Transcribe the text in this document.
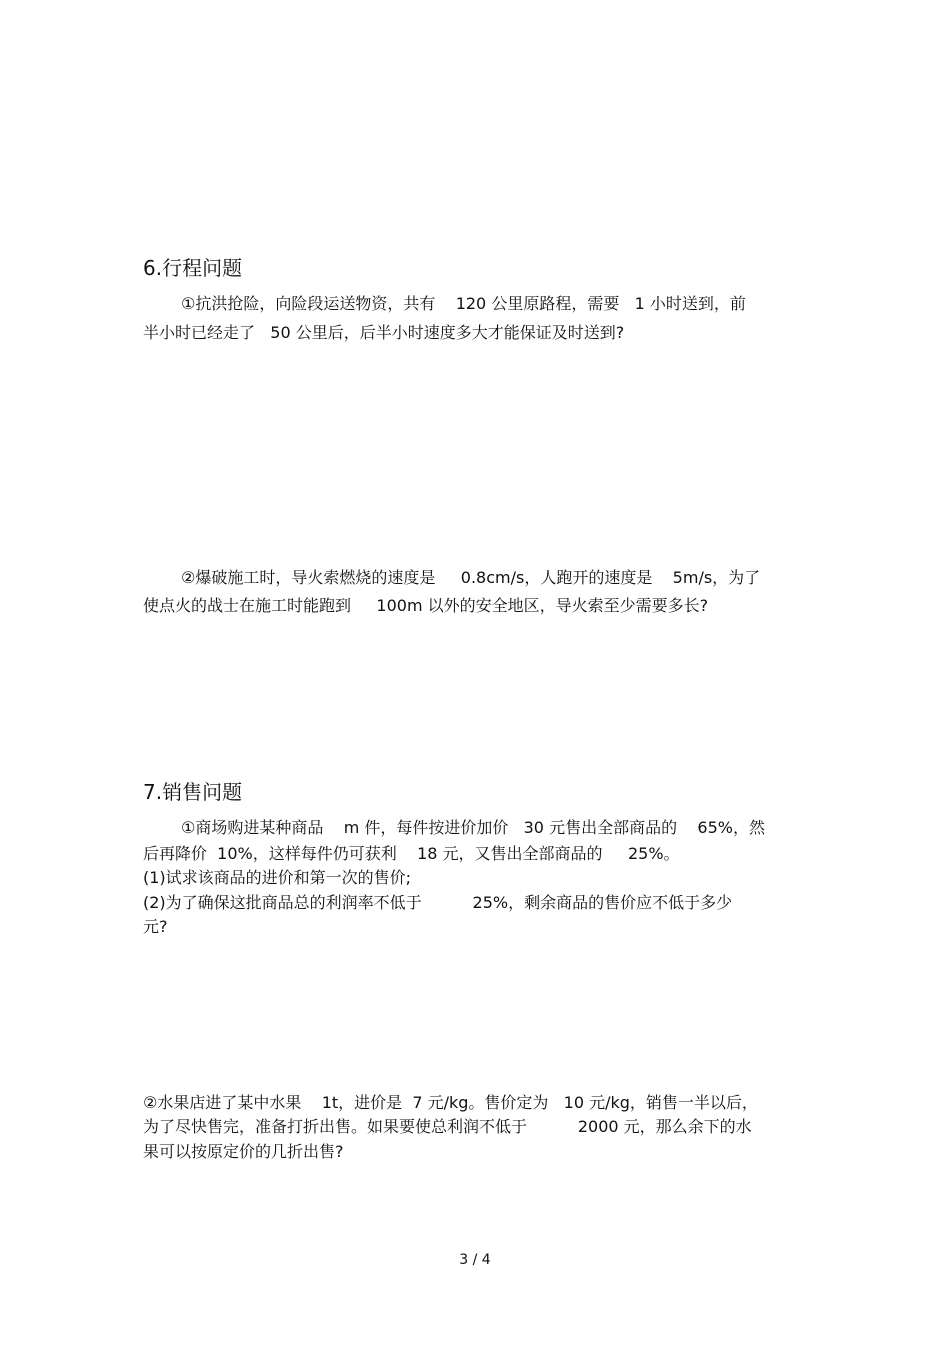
6.行程问题
①抗洪抢险，向险段运送物资，共有    120 公里原路程，需要   1 小时送到，前
半小时已经走了   50 公里后，后半小时速度多大才能保证及时送到?
②爆破施工时，导火索燃烧的速度是     0.8cm/s，人跑开的速度是    5m/s，为了
使点火的战士在施工时能跑到     100m 以外的安全地区，导火索至少需要多长?
7.销售问题
①商场购进某种商品    m 件，每件按进价加价   30 元售出全部商品的    65%，然
后再降价  10%，这样每件仍可获利    18 元，又售出全部商品的     25%。
(1)试求该商品的进价和第一次的售价;
(2)为了确保这批商品总的利润率不低于          25%，剩余商品的售价应不低于多少
元?
②水果店进了某中水果    1t，进价是  7 元/kg。售价定为   10 元/kg，销售一半以后，
为了尽快售完，准备打折出售。如果要使总利润不低于          2000 元，那么余下的水
果可以按原定价的几折出售?
3 / 4
